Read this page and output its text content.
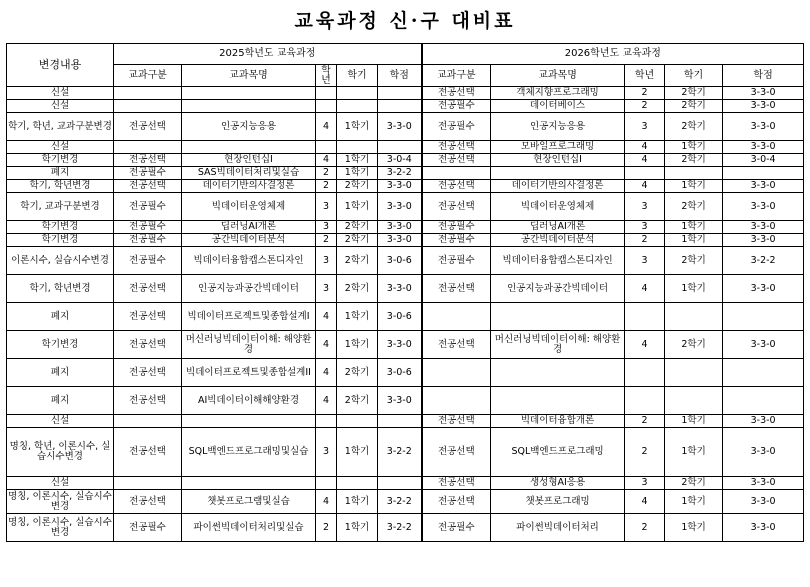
교육과정 신·구 대비표
변경내용	2025학년도 교육과정					2026학년도 교육과정				
	교과구분	교과목명	학년	학기	학점	교과구분	교과목명	학년	학기	학점
신설						전공선택	객체지향프로그래밍	2	2학기	3-3-0
신설						전공필수	데이터베이스	2	2학기	3-3-0
학기, 학년, 교과구분변경	전공선택	인공지능응용	4	1학기	3-3-0	전공필수	인공지능응용	3	2학기	3-3-0
신설						전공선택	모바일프로그래밍	4	1학기	3-3-0
학기변경	전공선택	현장인턴십I	4	1학기	3-0-4	전공선택	현장인턴십I	4	2학기	3-0-4
폐지	전공필수	SAS빅데이터처리및실습	2	1학기	3-2-2					
학기, 학년변경	전공선택	데이터기반의사결정론	2	2학기	3-3-0	전공선택	데이터기반의사결정론	4	1학기	3-3-0
학기, 교과구분변경	전공필수	빅데이터운영체제	3	1학기	3-3-0	전공선택	빅데이터운영체제	3	2학기	3-3-0
학기변경	전공필수	딥러닝AI개론	3	2학기	3-3-0	전공필수	딥러닝AI개론	3	1학기	3-3-0
학기변경	전공필수	공간빅데이터분석	2	2학기	3-3-0	전공필수	공간빅데이터분석	2	1학기	3-3-0
이론시수, 실습시수변경	전공필수	빅데이터융합캡스톤디자인	3	2학기	3-0-6	전공필수	빅데이터융합캡스톤디자인	3	2학기	3-2-2
학기, 학년변경	전공선택	인공지능과공간빅데이터	3	2학기	3-3-0	전공선택	인공지능과공간빅데이터	4	1학기	3-3-0
폐지	전공선택	빅데이터프로젝트및종합설계I	4	1학기	3-0-6					
학기변경	전공선택	머신러닝빅데이터이해: 해양환경	4	1학기	3-3-0	전공선택	머신러닝빅데이터이해: 해양환경	4	2학기	3-3-0
폐지	전공선택	빅데이터프로젝트및종합설계II	4	2학기	3-0-6					
폐지	전공선택	AI빅데이터이해해양환경	4	2학기	3-3-0					
신설						전공선택	빅데이터융합개론	2	1학기	3-3-0
명칭, 학년, 이론시수, 실습시수변경	전공선택	SQL백엔드프로그래밍및실습	3	1학기	3-2-2	전공선택	SQL백엔드프로그래밍	2	1학기	3-3-0
신설						전공선택	생성형AI응용	3	2학기	3-3-0
명칭, 이론시수, 실습시수변경	전공선택	챗봇프로그램및실습	4	1학기	3-2-2	전공선택	챗봇프로그래밍	4	1학기	3-3-0
명칭, 이론시수, 실습시수변경	전공필수	파이썬빅데이터처리및실습	2	1학기	3-2-2	전공필수	파이썬빅데이터처리	2	1학기	3-3-0
